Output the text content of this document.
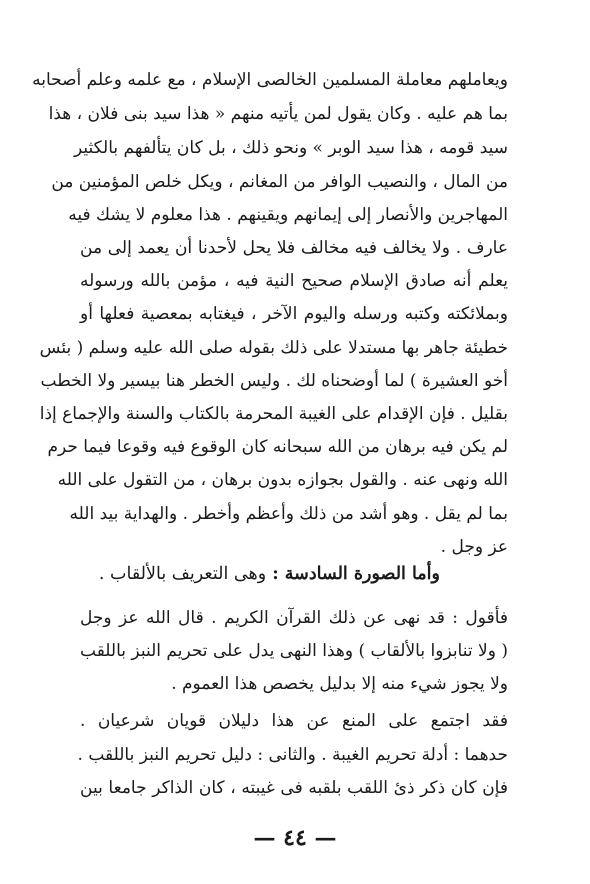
ويعاملهم معاملة المسلمين الخالصى الإسلام ، مع علمه وعلم أصحابه
بما هم عليه . وكان يقول لمن يأتيه منهم « هذا سيد بنى فلان ، هذا
سيد قومه ، هذا سيد الوبر » ونحو ذلك ، بل كان يتألفهم بالكثير
من المال ، والنصيب الوافر من المغانم ، ويكل خلص المؤمنين من
المهاجرين والأنصار إلى إيمانهم ويقينهم . هذا معلوم لا يشك فيه
عارف . ولا يخالف فيه مخالف فلا يحل لأحدنا أن يعمد إلى من
يعلم أنه صادق الإسلام صحيح النية فيه ، مؤمن بالله ورسوله
وبملائكته وكتبه ورسله واليوم الآخر ، فيغتابه بمعصية فعلها أو
خطيئة جاهر بها مستدلا على ذلك بقوله صلى الله عليه وسلم ( بئس
أخو العشيرة ) لما أوضحناه لك . وليس الخطر هنا بيسير ولا الخطب
بقليل . فإن الإقدام على الغيبة المحرمة بالكتاب والسنة والإجماع إذا
لم يكن فيه برهان من الله سبحانه كان الوقوع فيه وقوعا فيما حرم
الله ونهى عنه . والقول بجوازه بدون برهان ، من التقول على الله
بما لم يقل . وهو أشد من ذلك وأعظم وأخطر . والهداية بيد الله
عز وجل .
وأما الصورة السادسة : وهى التعريف بالألقاب .
فأقول : قد نهى عن ذلك القرآن الكريم . قال الله عز وجل
( ولا تنابزوا بالألقاب ) وهذا النهى يدل على تحريم النبز باللقب
ولا يجوز شيء منه إلا بدليل يخصص هذا العموم .
فقد اجتمع على المنع عن هذا دليلان قويان شرعيان .
حدهما : أدلة تحريم الغيبة . والثانى : دليل تحريم النبز باللقب .
فإن كان ذكر ذئ اللقب بلقبه فى غيبته ، كان الذاكر جامعا بين
— ٤٤ —
